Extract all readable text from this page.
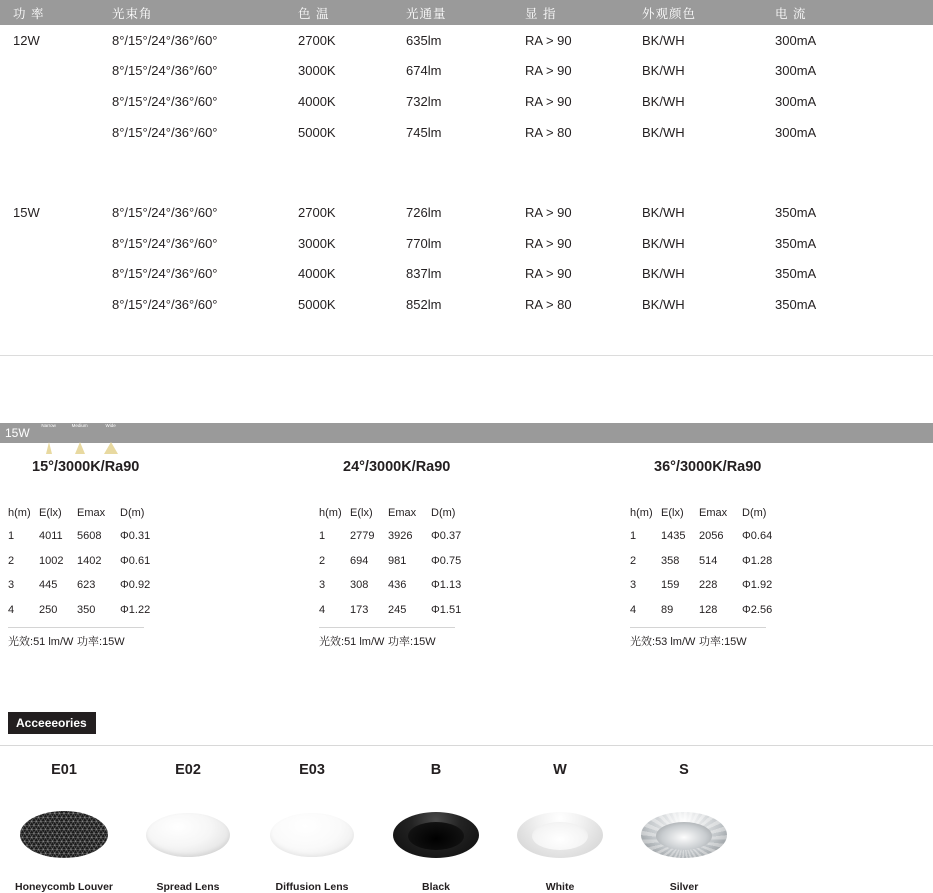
功 率	光束角	色 温	光通量	显 指	外观颜色	电 流
12W	8°/15°/24°/36°/60°	2700K	635lm	RA > 90	BK/WH	300mA
8°/15°/24°/36°/60°	3000K	674lm	RA > 90	BK/WH	300mA
8°/15°/24°/36°/60°	4000K	732lm	RA > 90	BK/WH	300mA
8°/15°/24°/36°/60°	5000K	745lm	RA > 80	BK/WH	300mA
15W	8°/15°/24°/36°/60°	2700K	726lm	RA > 90	BK/WH	350mA
8°/15°/24°/36°/60°	3000K	770lm	RA > 90	BK/WH	350mA
8°/15°/24°/36°/60°	4000K	837lm	RA > 90	BK/WH	350mA
8°/15°/24°/36°/60°	5000K	852lm	RA > 80	BK/WH	350mA
15W	Narrow	Medium	Wide
15°/3000K/Ra90
h(m) E(lx)	Emax	D(m)
1	4011	5608	Φ0.31
2	1002	1402	Φ0.61
3	445	623	Φ0.92
4	250	350	Φ1.22
光效:51 lm/W 功率:15W
24°/3000K/Ra90
h(m) E(lx)	Emax	D(m)
1	2779	3926	Φ0.37
2	694	981	Φ0.75
3	308	436	Φ1.13
4	173	245	Φ1.51
光效:51 lm/W 功率:15W
36°/3000K/Ra90
h(m) E(lx)	Emax	D(m)
1	1435	2056	Φ0.64
2	358	514	Φ1.28
3	159	228	Φ1.92
4	89	128	Φ2.56
光效:53 lm/W 功率:15W
Acceeeories
E01
Honeycomb Louver
E02
Spread Lens
E03
Diffusion Lens
B
Black
W
White
S
Silver
